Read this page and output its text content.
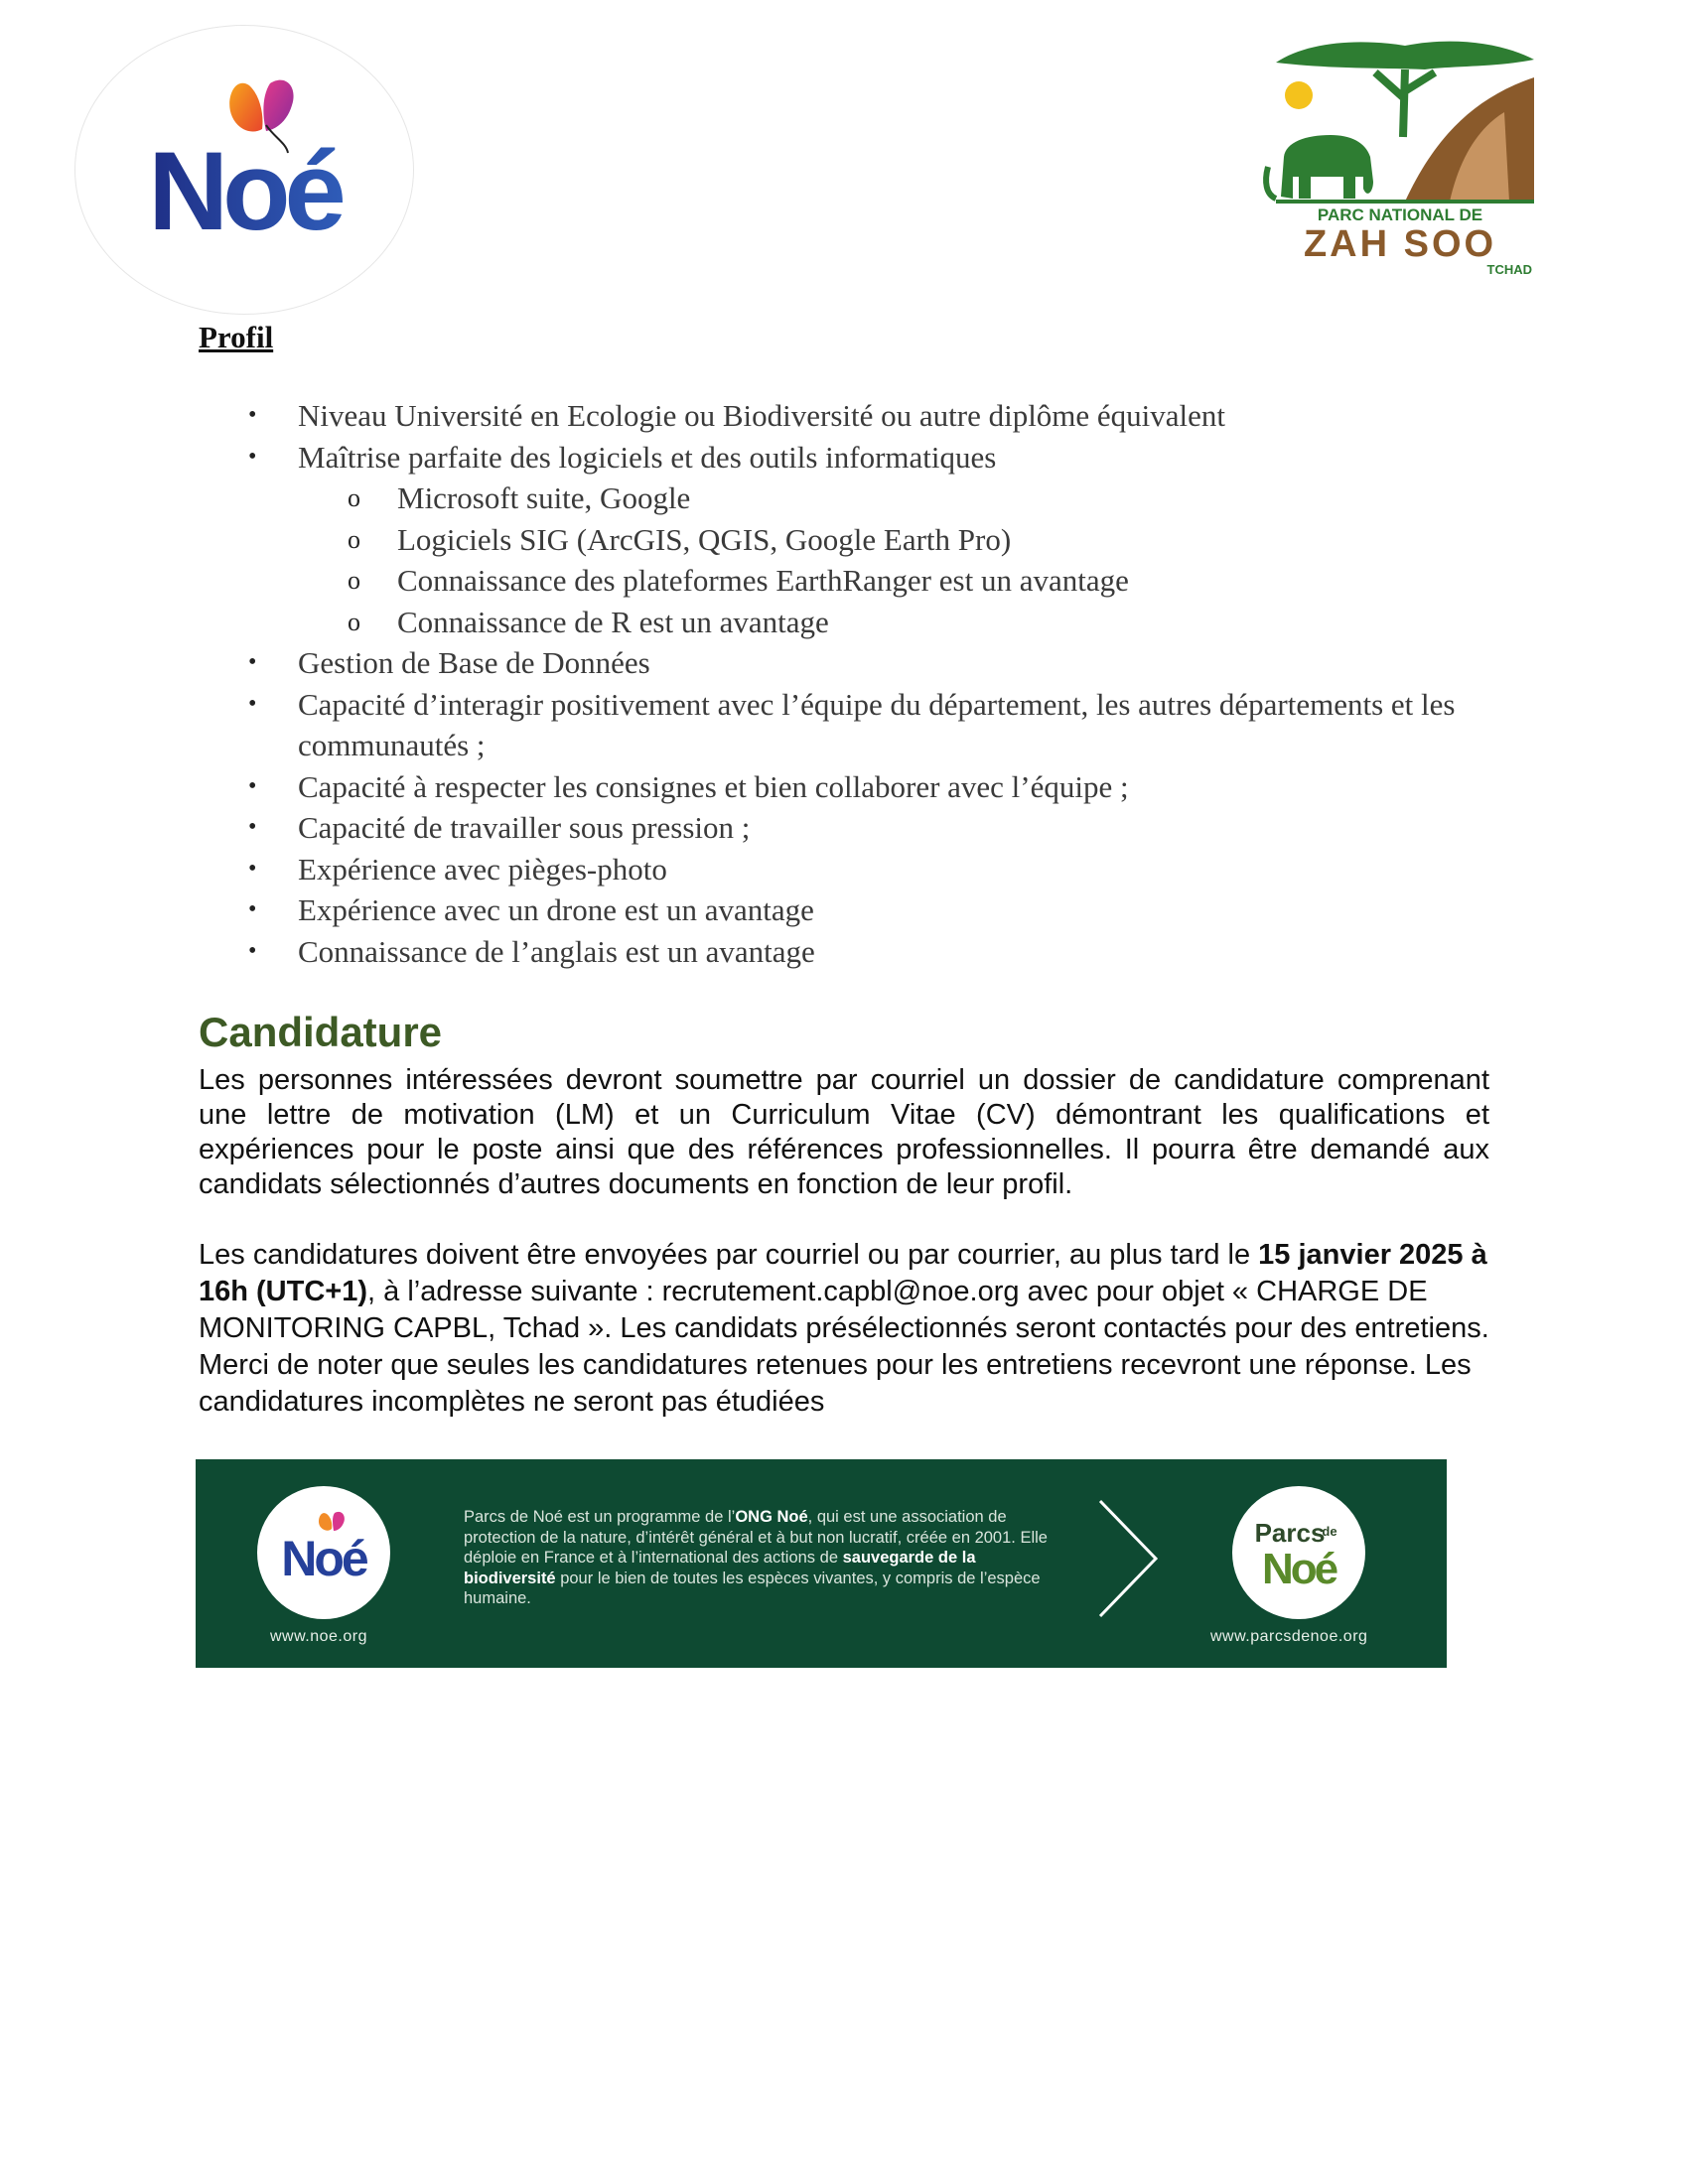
Noé	PARC NATIONAL DE
ZAH SOO
TCHAD
Profil
• Niveau Université en Ecologie ou Biodiversité ou autre diplôme équivalent
• Maîtrise parfaite des logiciels et des outils informatiques
o Microsoft suite, Google
o Logiciels SIG (ArcGIS, QGIS, Google Earth Pro)
o Connaissance des plateformes EarthRanger est un avantage
o Connaissance de R est un avantage
• Gestion de Base de Données
• Capacité d’interagir positivement avec l’équipe du département, les autres départements et les communautés ;
• Capacité à respecter les consignes et bien collaborer avec l’équipe ;
• Capacité de travailler sous pression ;
• Expérience avec pièges-photo
• Expérience avec un drone est un avantage
• Connaissance de l’anglais est un avantage
Candidature

Les personnes intéressées devront soumettre par courriel un dossier de candidature comprenant une lettre de motivation (LM) et un Curriculum Vitae (CV) démontrant les qualifications et expériences pour le poste ainsi que des références professionnelles. Il pourra être demandé aux candidats sélectionnés d’autres documents en fonction de leur profil.

Les candidatures doivent être envoyées par courriel ou par courrier, au plus tard le 15 janvier 2025 à 16h (UTC+1), à l’adresse suivante : recrutement.capbl@noe.org avec pour objet « CHARGE DE MONITORING CAPBL, Tchad ». Les candidats présélectionnés seront contactés pour des entretiens. Merci de noter que seules les candidatures retenues pour les entretiens recevront une réponse. Les candidatures incomplètes ne seront pas étudiées

Noé
www.noe.org
Parcs de Noé est un programme de l’ONG Noé, qui est une association de protection de la nature, d’intérêt général et à but non lucratif, créée en 2001. Elle déploie en France et à l’international des actions de sauvegarde de la biodiversité pour le bien de toutes les espèces vivantes, y compris de l’espèce humaine.
Parcs
de
Noé
www.parcsdenoe.org
